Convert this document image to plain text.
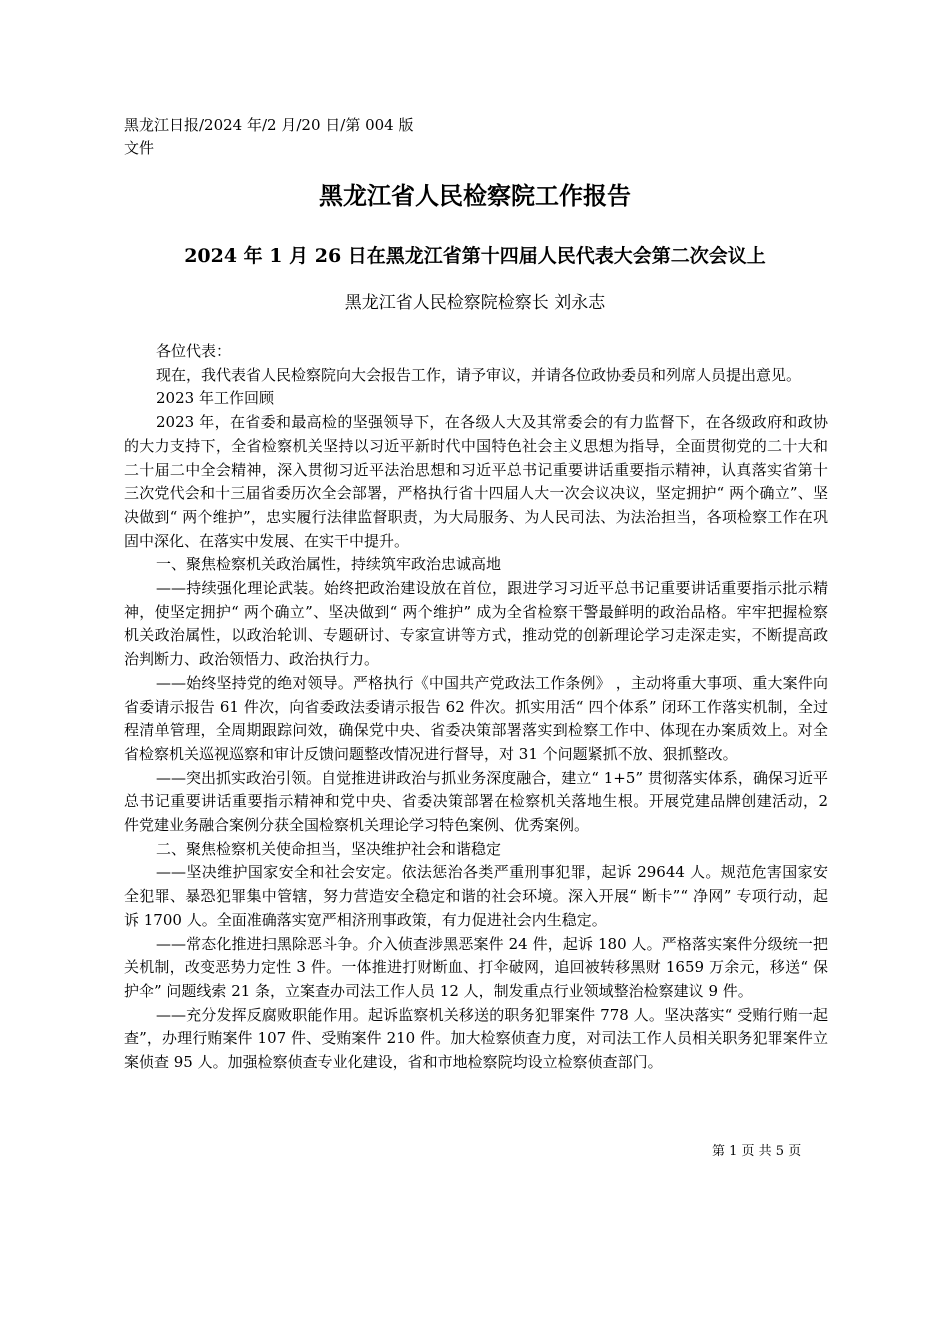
黑龙江日报/2024 年/2 月/20 日/第 004 版文件
黑龙江省人民检察院工作报告
2024 年 1 月 26 日在黑龙江省第十四届人民代表大会第二次会议上
黑龙江省人民检察院检察长 刘永志

各位代表：

现在，我代表省人民检察院向大会报告工作，请予审议，并请各位政协委员和列席人员提出意见。

2023 年工作回顾

2023 年，在省委和最高检的坚强领导下，在各级人大及其常委会的有力监督下，在各级政府和政协的大力支持下，全省检察机关坚持以习近平新时代中国特色社会主义思想为指导，全面贯彻党的二十大和二十届二中全会精神，深入贯彻习近平法治思想和习近平总书记重要讲话重要指示精神，认真落实省第十三次党代会和十三届省委历次全会部署，严格执行省十四届人大一次会议决议，坚定拥护“ 两个确立”、坚决做到“ 两个维护”，忠实履行法律监督职责，为大局服务、为人民司法、为法治担当，各项检察工作在巩固中深化、在落实中发展、在实干中提升。

一、聚焦检察机关政治属性，持续筑牢政治忠诚高地

——持续强化理论武装。始终把政治建设放在首位，跟进学习习近平总书记重要讲话重要指示批示精神，使坚定拥护“ 两个确立”、坚决做到“ 两个维护” 成为全省检察干警最鲜明的政治品格。牢牢把握检察机关政治属性，以政治轮训、专题研讨、专家宣讲等方式，推动党的创新理论学习走深走实，不断提高政治判断力、政治领悟力、政治执行力。

——始终坚持党的绝对领导。严格执行《中国共产党政法工作条例》 ，主动将重大事项、重大案件向省委请示报告 61 件次，向省委政法委请示报告 62 件次。抓实用活“ 四个体系” 闭环工作落实机制，全过程清单管理，全周期跟踪问效，确保党中央、省委决策部署落实到检察工作中、体现在办案质效上。对全省检察机关巡视巡察和审计反馈问题整改情况进行督导，对 31 个问题紧抓不放、狠抓整改。

——突出抓实政治引领。自觉推进讲政治与抓业务深度融合，建立“ 1+5” 贯彻落实体系，确保习近平总书记重要讲话重要指示精神和党中央、省委决策部署在检察机关落地生根。开展党建品牌创建活动，2 件党建业务融合案例分获全国检察机关理论学习特色案例、优秀案例。

二、聚焦检察机关使命担当，坚决维护社会和谐稳定

——坚决维护国家安全和社会安定。依法惩治各类严重刑事犯罪，起诉 29644 人。规范危害国家安全犯罪、暴恐犯罪集中管辖，努力营造安全稳定和谐的社会环境。深入开展“ 断卡”“ 净网” 专项行动，起诉 1700 人。全面准确落实宽严相济刑事政策，有力促进社会内生稳定。

——常态化推进扫黑除恶斗争。介入侦查涉黑恶案件 24 件，起诉 180 人。严格落实案件分级统一把关机制，改变恶势力定性 3 件。一体推进打财断血、打伞破网，追回被转移黑财 1659 万余元，移送“ 保护伞” 问题线索 21 条，立案查办司法工作人员 12 人，制发重点行业领域整治检察建议 9 件。

——充分发挥反腐败职能作用。起诉监察机关移送的职务犯罪案件 778 人。坚决落实“ 受贿行贿一起查”，办理行贿案件 107 件、受贿案件 210 件。加大检察侦查力度，对司法工作人员相关职务犯罪案件立案侦查 95 人。加强检察侦查专业化建设，省和市地检察院均设立检察侦查部门。

第 1 页 共 5 页
